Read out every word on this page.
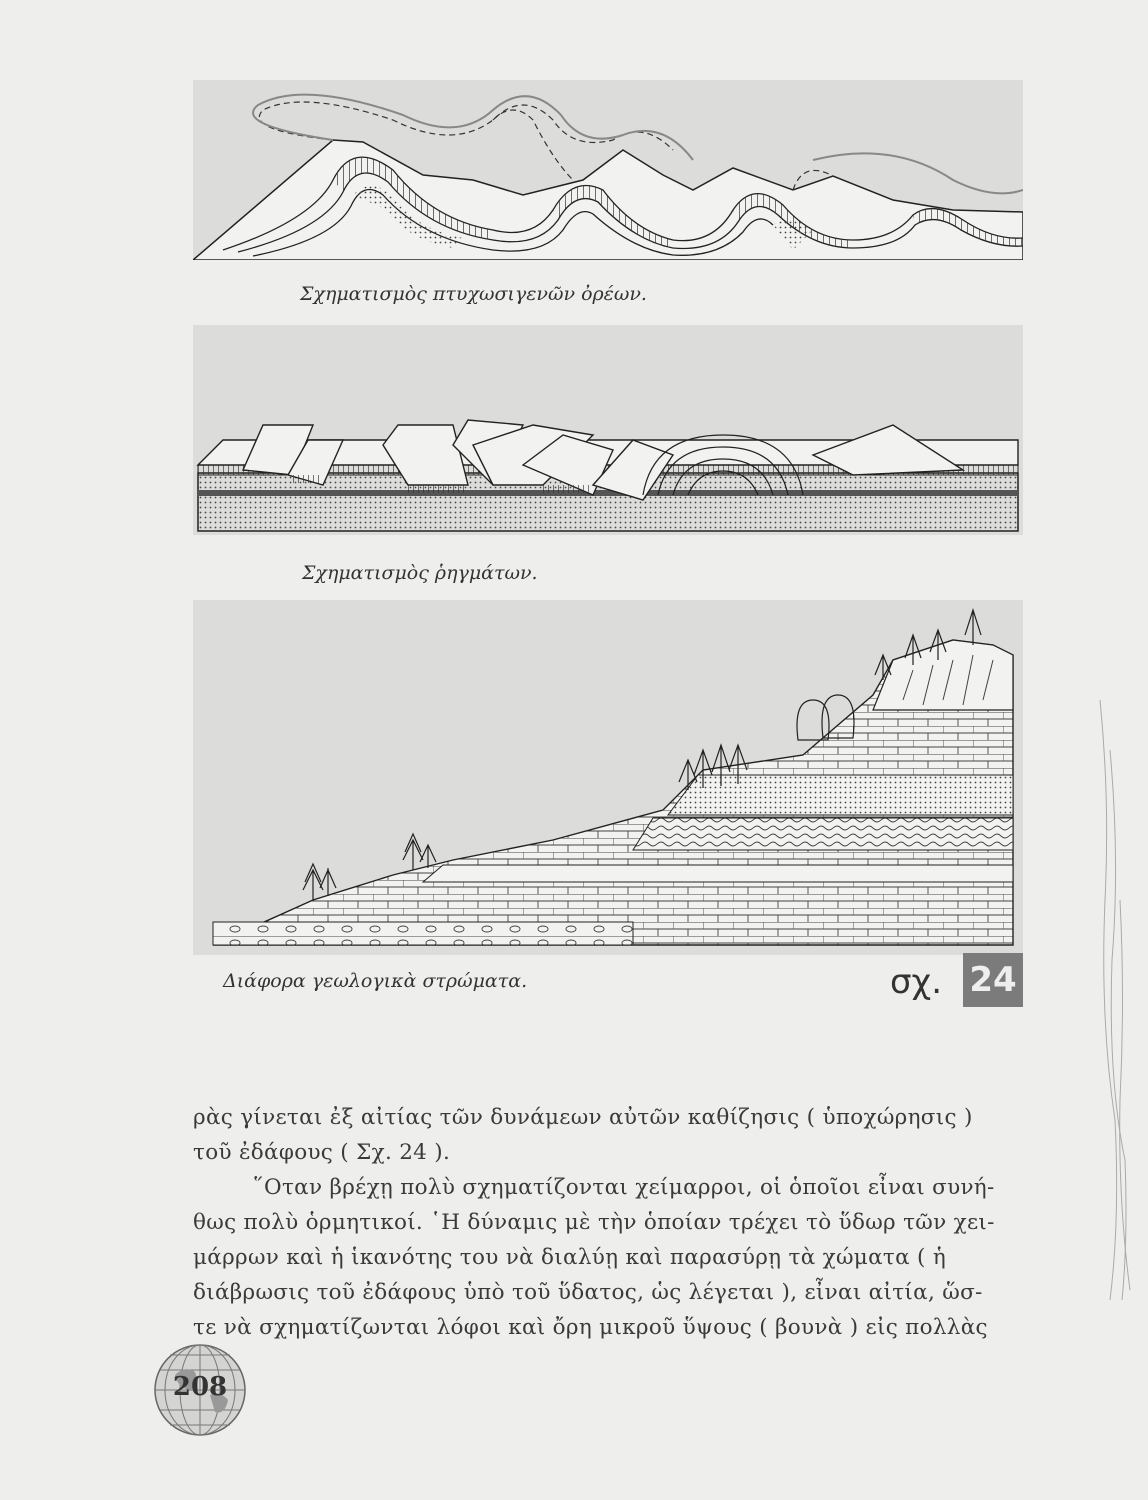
Σχηματισμὸς πτυχωσιγενῶν ὀρέων.
Σχηματισμὸς ῥηγμάτων.
Διάφορα γεωλογικὰ στρώματα.	σχ. 24
ρὰς γίνεται ἐξ αἰτίας τῶν δυνάμεων αὐτῶν καθίζησις ( ὑποχώρησις )
τοῦ ἐδάφους ( Σχ. 24 ).
῞Οταν βρέχῃ πολὺ σχηματίζονται χείμαρροι, οἱ ὁποῖοι εἶναι συνή-
θως πολὺ ὁρμητικοί. ῾Η δύναμις μὲ τὴν ὁποίαν τρέχει τὸ ὕδωρ τῶν χει-
μάρρων καὶ ἡ ἱκανότης του νὰ διαλύῃ καὶ παρασύρῃ τὰ χώματα ( ἡ
διάβρωσις τοῦ ἐδάφους ὑπὸ τοῦ ὕδατος, ὡς λέγεται ), εἶναι αἰτία, ὥσ-
τε νὰ σχηματίζωνται λόφοι καὶ ὄρη μικροῦ ὕψους ( βουνὰ ) εἰς πολλὰς
208
